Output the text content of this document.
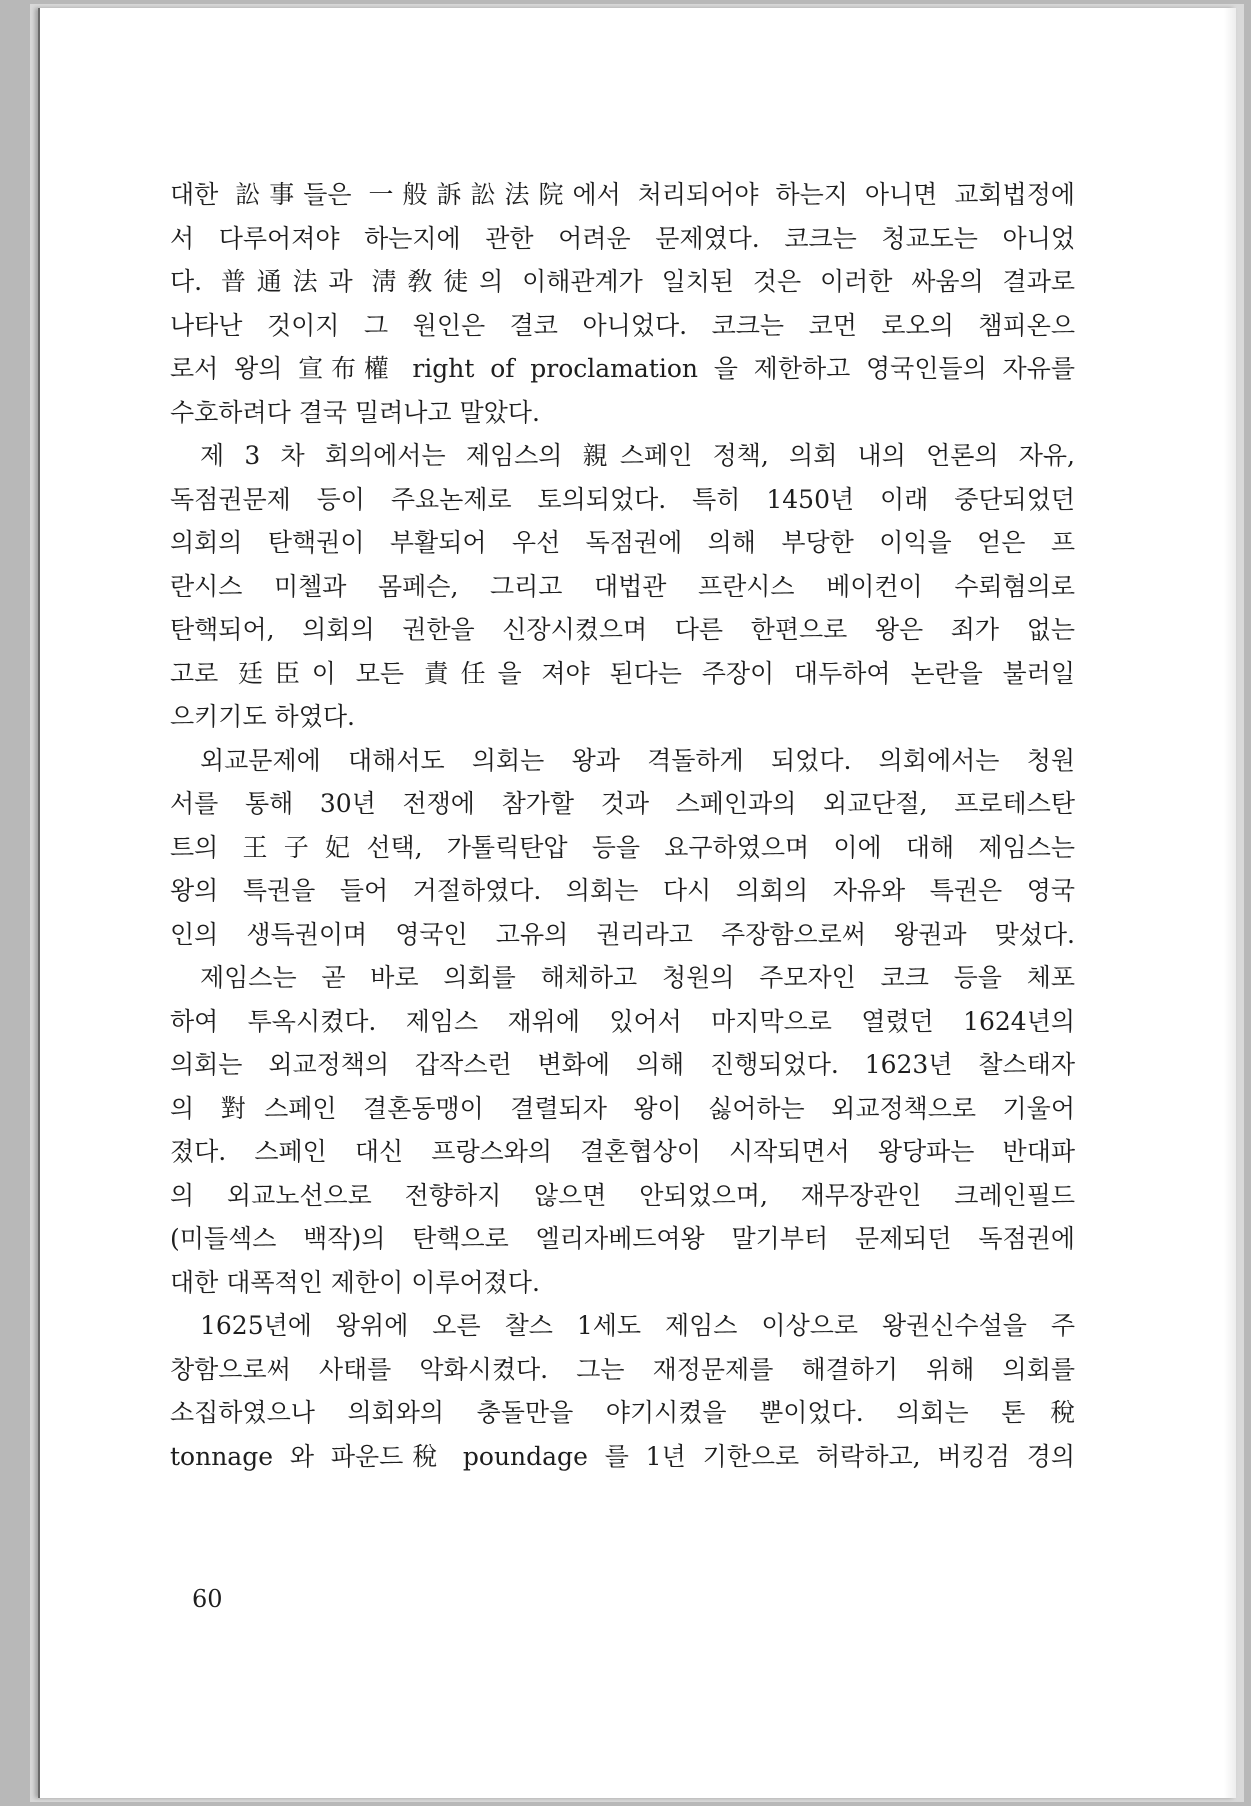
대한 訟事들은 一般訴訟法院에서 처리되어야 하는지 아니면 교회법정에
서 다루어져야 하는지에 관한 어려운 문제였다. 코크는 청교도는 아니었
다. 普通法과 淸敎徒의 이해관계가 일치된 것은 이러한 싸움의 결과로
나타난 것이지 그 원인은 결코 아니었다. 코크는 코먼 로오의 챔피온으
로서 왕의 宣布權 right of proclamation 을 제한하고 영국인들의 자유를
수호하려다 결국 밀려나고 말았다.
제 3 차 회의에서는 제임스의 親스페인 정책, 의회 내의 언론의 자유,
독점권문제 등이 주요논제로 토의되었다. 특히 1450년 이래 중단되었던
의회의 탄핵권이 부활되어 우선 독점권에 의해 부당한 이익을 얻은 프
란시스 미첼과 몸페슨, 그리고 대법관 프란시스 베이컨이 수뢰혐의로
탄핵되어, 의회의 권한을 신장시켰으며 다른 한편으로 왕은 죄가 없는
고로 廷臣이 모든 責任을 져야 된다는 주장이 대두하여 논란을 불러일
으키기도 하였다.
외교문제에 대해서도 의회는 왕과 격돌하게 되었다. 의회에서는 청원
서를 통해 30년 전쟁에 참가할 것과 스페인과의 외교단절, 프로테스탄
트의 王子妃선택, 가톨릭탄압 등을 요구하였으며 이에 대해 제임스는
왕의 특권을 들어 거절하였다. 의회는 다시 의회의 자유와 특권은 영국
인의 생득권이며 영국인 고유의 권리라고 주장함으로써 왕권과 맞섰다.
제임스는 곧 바로 의회를 해체하고 청원의 주모자인 코크 등을 체포
하여 투옥시켰다. 제임스 재위에 있어서 마지막으로 열렸던 1624년의
의회는 외교정책의 갑작스런 변화에 의해 진행되었다. 1623년 찰스태자
의 對스페인 결혼동맹이 결렬되자 왕이 싫어하는 외교정책으로 기울어
졌다. 스페인 대신 프랑스와의 결혼협상이 시작되면서 왕당파는 반대파
의 외교노선으로 전향하지 않으면 안되었으며, 재무장관인 크레인필드
(미들섹스 백작)의 탄핵으로 엘리자베드여왕 말기부터 문제되던 독점권에
대한 대폭적인 제한이 이루어졌다.
1625년에 왕위에 오른 찰스 1세도 제임스 이상으로 왕권신수설을 주
창함으로써 사태를 악화시켰다. 그는 재정문제를 해결하기 위해 의회를
소집하였으나 의회와의 충돌만을 야기시켰을 뿐이었다. 의회는 톤稅
tonnage 와 파운드稅 poundage 를 1년 기한으로 허락하고, 버킹검 경의
60
